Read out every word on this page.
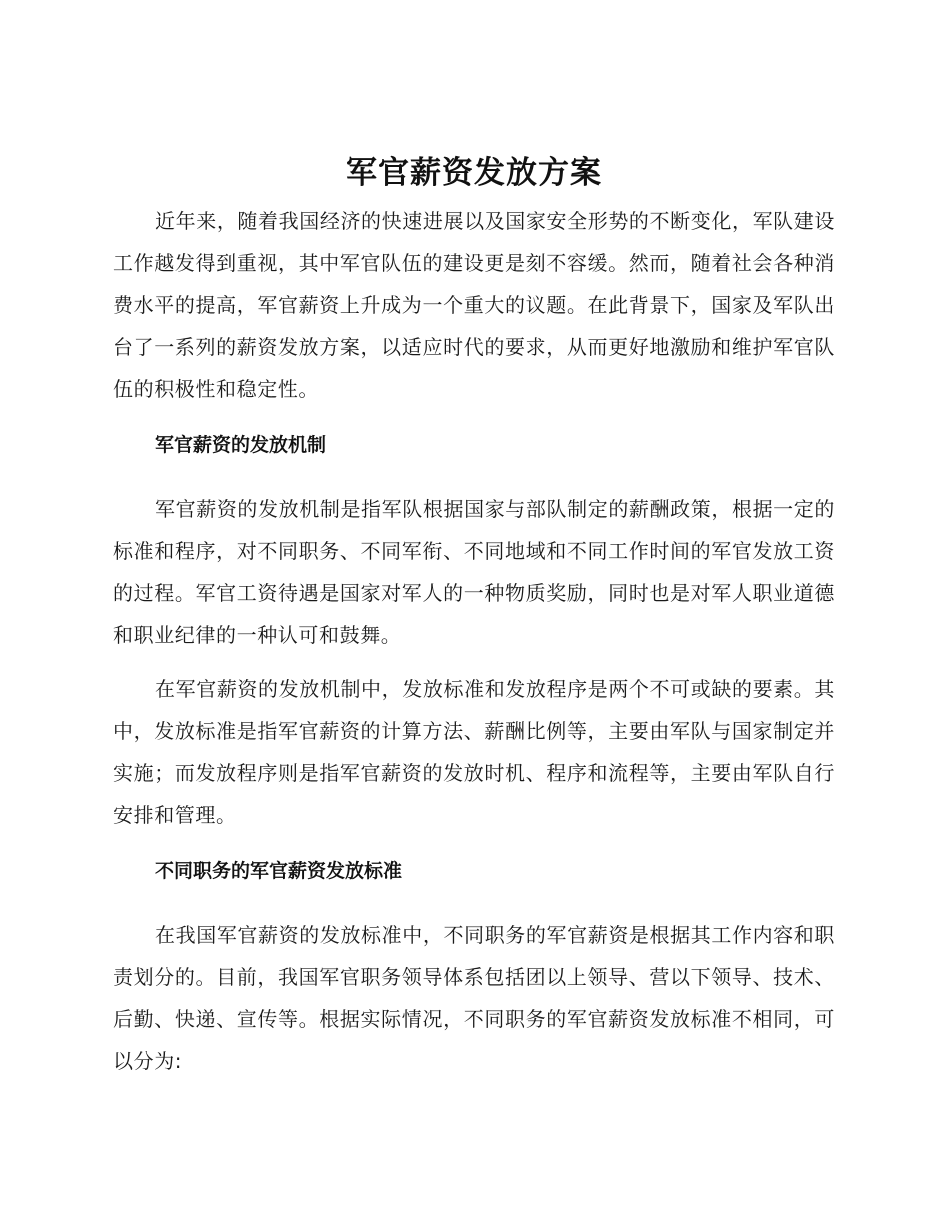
军官薪资发放方案

近年来，随着我国经济的快速进展以及国家安全形势的不断变化，军队建设工作越发得到重视，其中军官队伍的建设更是刻不容缓。然而，随着社会各种消费水平的提高，军官薪资上升成为一个重大的议题。在此背景下，国家及军队出台了一系列的薪资发放方案，以适应时代的要求，从而更好地激励和维护军官队伍的积极性和稳定性。

军官薪资的发放机制

军官薪资的发放机制是指军队根据国家与部队制定的薪酬政策，根据一定的标准和程序，对不同职务、不同军衔、不同地域和不同工作时间的军官发放工资的过程。军官工资待遇是国家对军人的一种物质奖励，同时也是对军人职业道德和职业纪律的一种认可和鼓舞。

在军官薪资的发放机制中，发放标准和发放程序是两个不可或缺的要素。其中，发放标准是指军官薪资的计算方法、薪酬比例等，主要由军队与国家制定并实施；而发放程序则是指军官薪资的发放时机、程序和流程等，主要由军队自行安排和管理。

不同职务的军官薪资发放标准

在我国军官薪资的发放标准中，不同职务的军官薪资是根据其工作内容和职责划分的。目前，我国军官职务领导体系包括团以上领导、营以下领导、技术、后勤、快递、宣传等。根据实际情况，不同职务的军官薪资发放标准不相同，可以分为:
